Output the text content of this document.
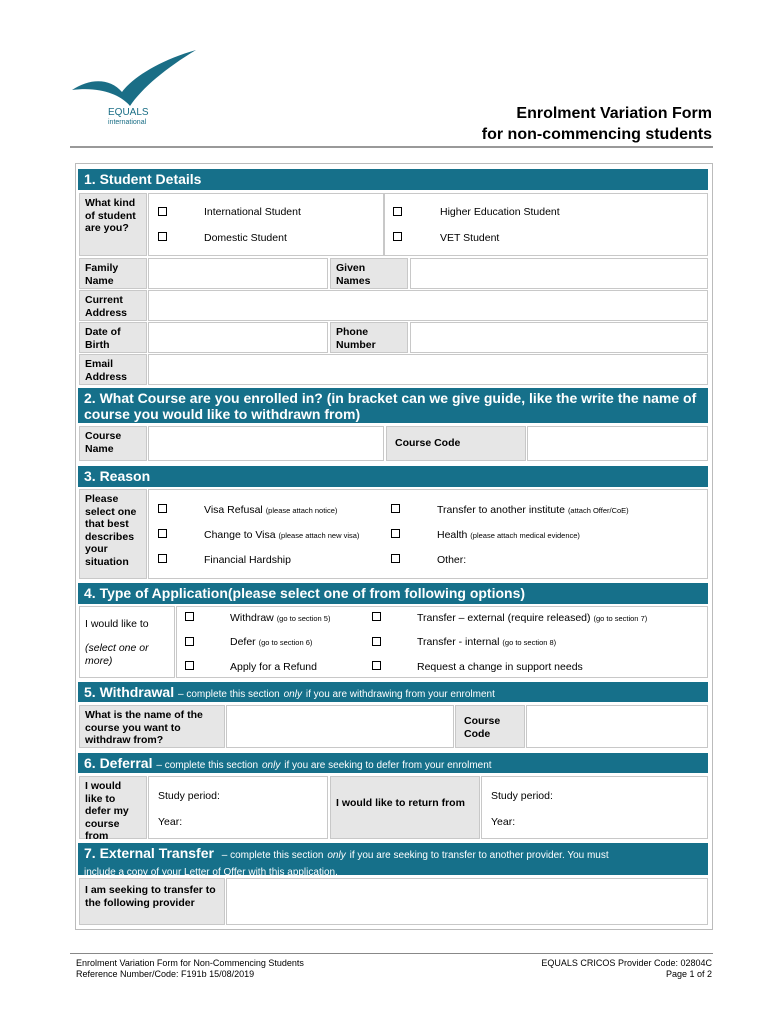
EQUALS
international
Enrolment Variation Form
for non-commencing students
1. Student Details
What kind of student are you?
International Student
Domestic Student
Higher Education Student
VET Student
Family Name
Given Names
Current Address
Date of Birth
Phone Number
Email Address
2. What Course are you enrolled in? (in bracket can we give guide, like the write the name of course you would like to withdrawn from)
Course Name	Course Code
3. Reason
Please select one that best describes your situation
Visa Refusal (please attach notice)
Change to Visa (please attach new visa)
Financial Hardship
Transfer to another institute (attach Offer/CoE)
Health (please attach medical evidence)
Other:
4. Type of Application(please select one of from following options)
I would like to
(select one or more)
Withdraw (go to section 5)
Defer (go to section 6)
Apply for a Refund
Transfer – external (require released) (go to section 7)
Transfer - internal (go to section 8)
Request a change in support needs
5. Withdrawal – complete this section only if you are withdrawing from your enrolment
What is the name of the course you want to withdraw from?
Course Code
6. Deferral – complete this section only if you are seeking to defer from your enrolment
I would like to defer my course from
Study period:
Year:
I would like to return from
Study period:
Year:
7. External Transfer – complete this section only if you are seeking to transfer to another provider. You must
include a copy of your Letter of Offer with this application.
I am seeking to transfer to the following provider
Enrolment Variation Form for Non-Commencing Students
Reference Number/Code: F191b 15/08/2019
EQUALS CRICOS Provider Code: 02804C
Page 1 of 2
